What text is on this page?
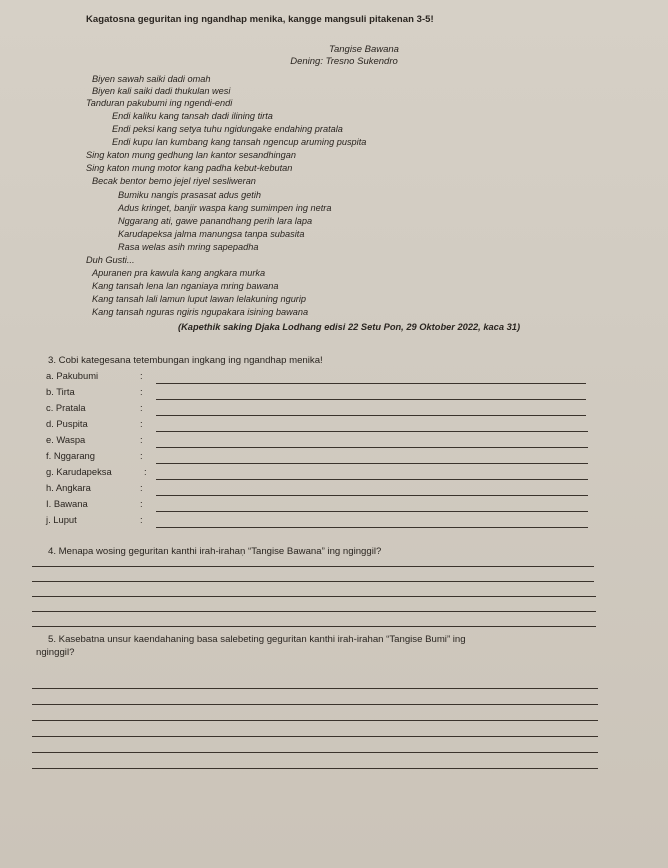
Kagatosna geguritan ing ngandhap menika, kangge mangsuli pitakenan 3-5!
Tangise Bawana
Dening: Tresno Sukendro
Biyen sawah saiki dadi omah
Biyen kali saiki dadi thukulan wesi
Tanduran pakubumi ing ngendi-endi
Endi kaliku kang tansah dadi ilining tirta
Endi peksi kang setya tuhu ngidungake endahing pratala
Endi kupu lan kumbang kang tansah ngencup aruming puspita
Sing katon mung gedhung lan kantor sesandhingan
Sing katon mung motor kang padha kebut-kebutan
Becak bentor bemo jejel riyel sesliweran
Bumiku nangis prasasat adus getih
Adus kringet, banjir waspa kang sumimpen ing netra
Nggarang ati, gawe panandhang perih lara lapa
Karudapeksa jalma manungsa tanpa subasita
Rasa welas asih mring sapepadha
Duh Gusti...
Apuranen pra kawula kang angkara murka
Kang tansah lena lan nganiaya mring bawana
Kang tansah lali lamun luput lawan lelakuning ngurip
Kang tansah nguras ngiris ngupakara isining bawana
(Kapethik saking Djaka Lodhang edisi 22 Setu Pon, 29 Oktober 2022, kaca 31)
3. Cobi kategesana tetembungan ingkang ing ngandhap menika!
a. Pakubumi	:
b. Tirta	:
c. Pratala	:
d. Puspita	:
e. Waspa	:
f. Nggarang	:
g. Karudapeksa	:
h. Angkara	:
I. Bawana	:
j. Luput	:
4. Menapa wosing geguritan kanthi irah-irahaṇ “Tangise Bawana” ing nginggil?
5. Kasebatna unsur kaendahaning basa salebeting geguritan kanthi irah-irahan “Tangise Bumi” ing
nginggil?
